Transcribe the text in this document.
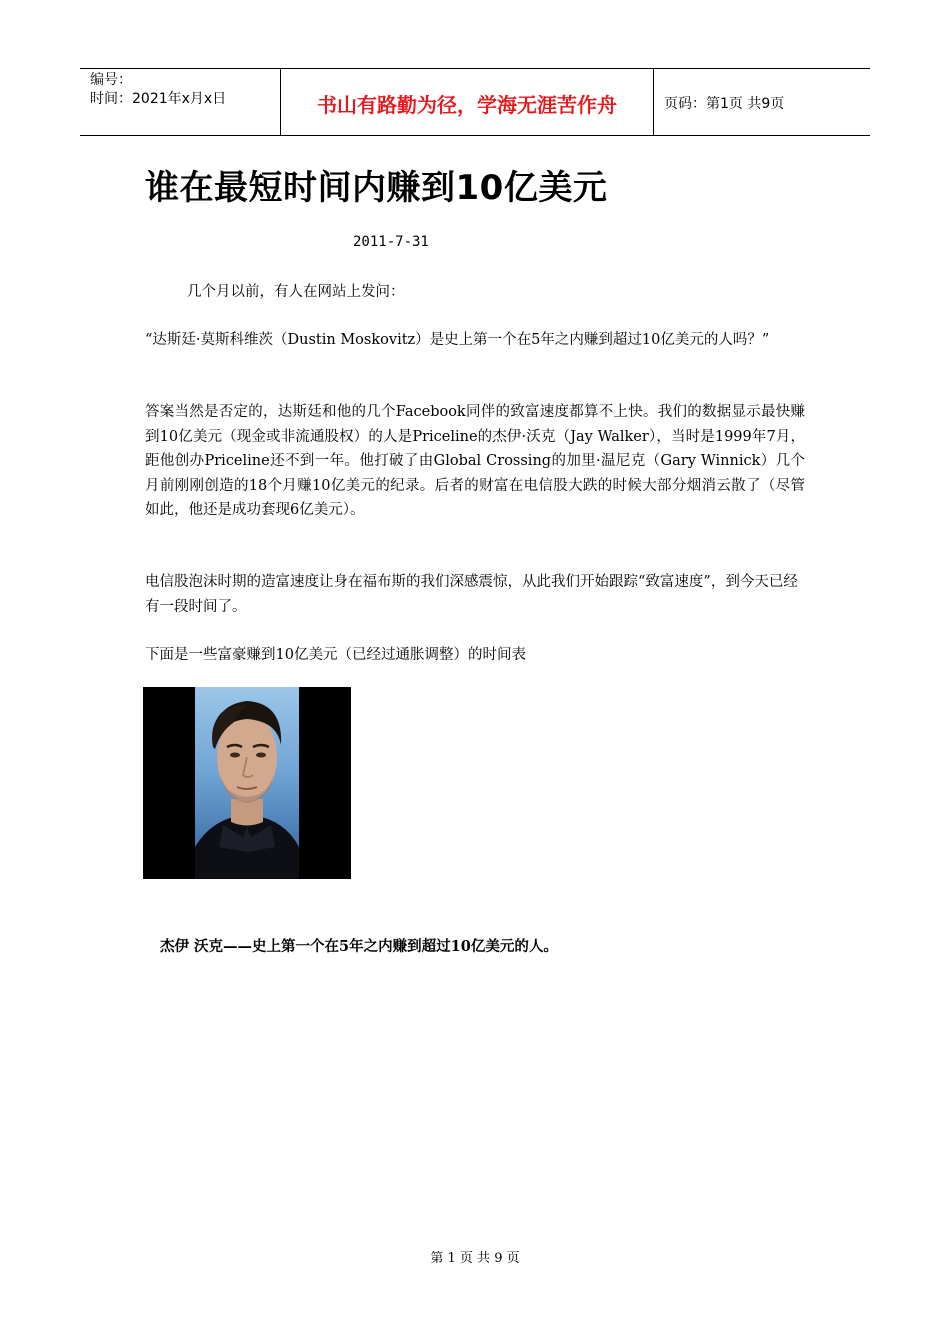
编号：
时间：2021年x月x日	书山有路勤为径，学海无涯苦作舟	页码：第1页 共9页
谁在最短时间内赚到10亿美元
2011-7-31

几个月以前，有人在网站上发问：

“达斯廷·莫斯科维茨（Dustin Moskovitz）是史上第一个在5年之内赚到超过10亿美元的人吗？”

答案当然是否定的，达斯廷和他的几个Facebook同伴的致富速度都算不上快。我们的数据显示最快赚到10亿美元（现金或非流通股权）的人是Priceline的杰伊·沃克（Jay Walker），当时是1999年7月，距他创办Priceline还不到一年。他打破了由Global Crossing的加里·温尼克（Gary Winnick）几个月前刚刚创造的18个月赚10亿美元的纪录。后者的财富在电信股大跌的时候大部分烟消云散了（尽管如此，他还是成功套现6亿美元）。

电信股泡沫时期的造富速度让身在福布斯的我们深感震惊，从此我们开始跟踪“致富速度”，到今天已经有一段时间了。

下面是一些富豪赚到10亿美元（已经过通胀调整）的时间表

杰伊 沃克——史上第一个在5年之内赚到超过10亿美元的人。
第 1 页 共 9 页
